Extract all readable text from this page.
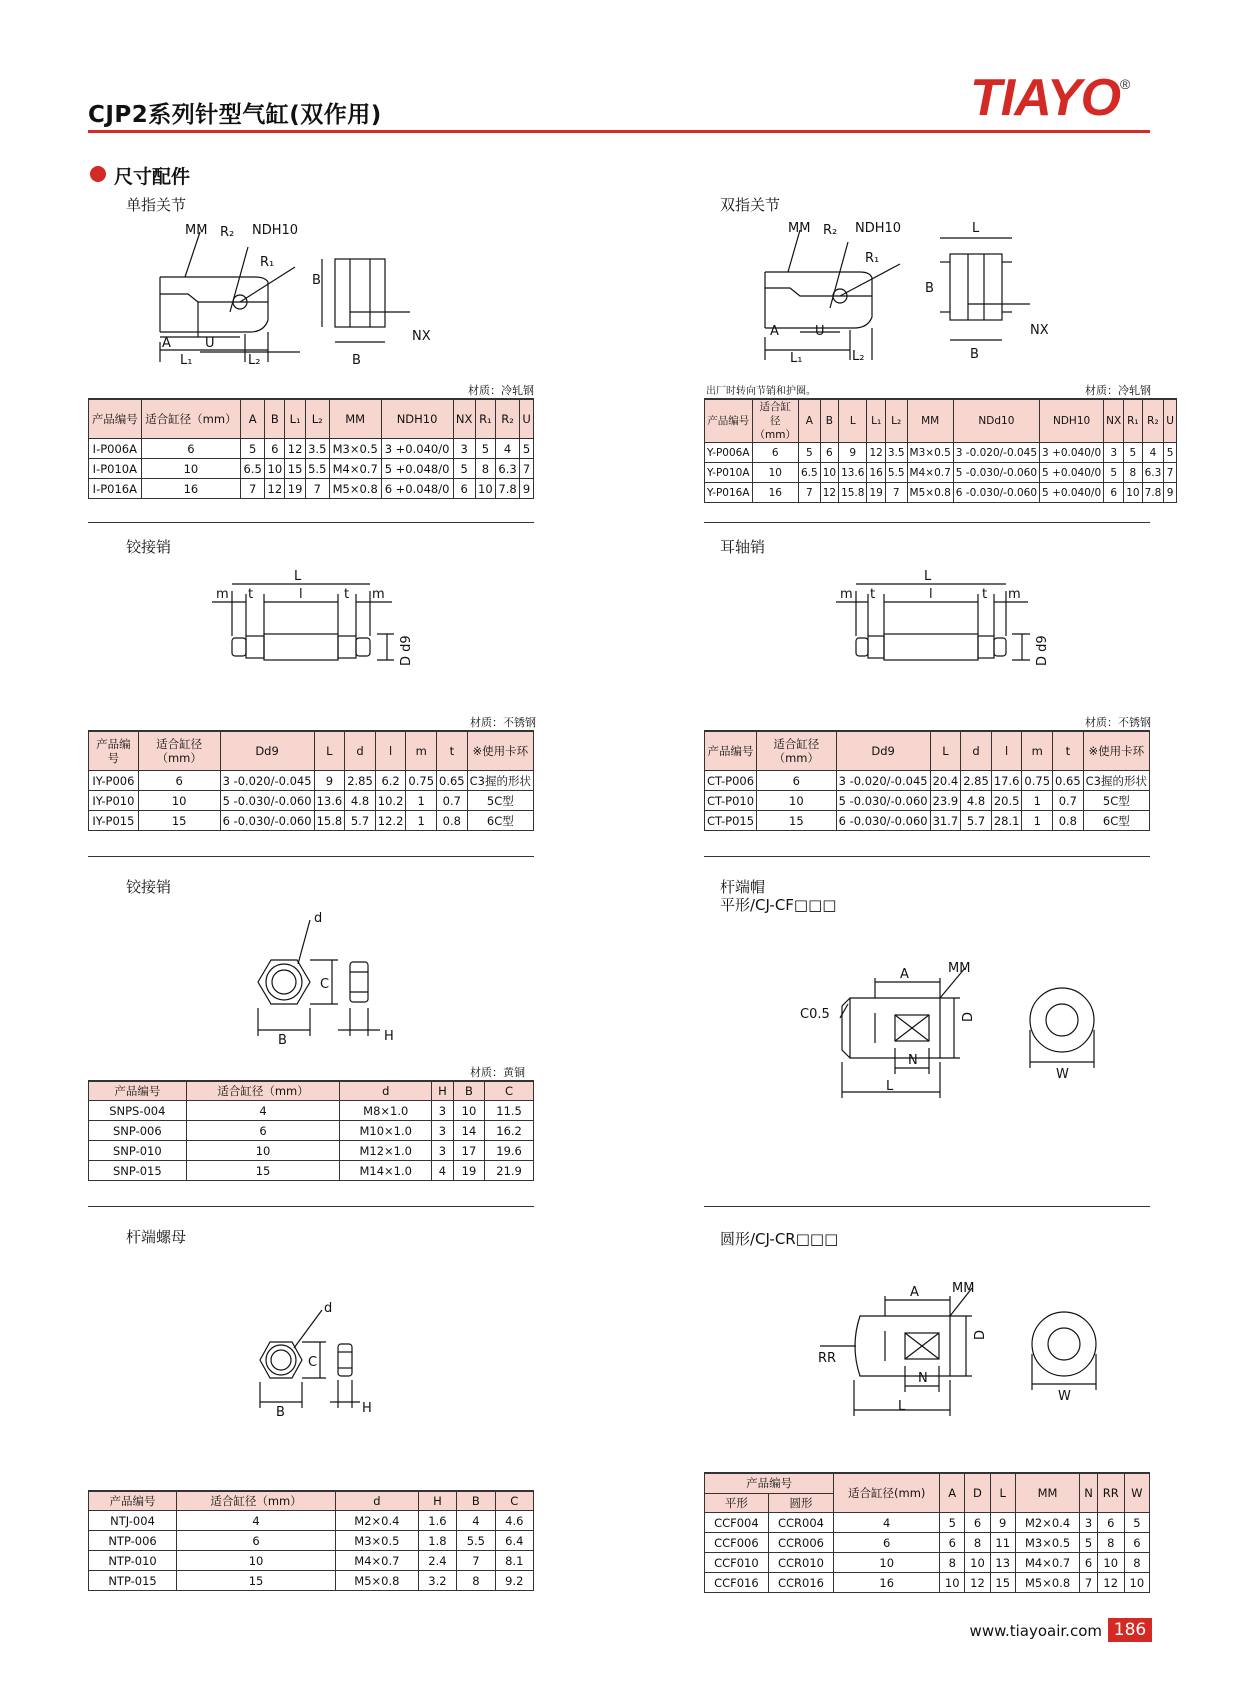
CJP2系列针型气缸(双作用)	TIAYO®
尺寸配件
单指关节
MM R₂ NDH10
R₁
B
A	U
L₁	L₂	B
NX
材质：冷轧钢
产品编号	适合缸径（mm）	A	B	L₁	L₂	MM	NDH10	NX	R₁	R₂	U
I-P006A	6	5	6	12	3.5	M3×0.5	3 +0.040/0	3	5	4	5
I-P010A	10	6.5	10	15	5.5	M4×0.7	5 +0.048/0	5	8	6.3	7
I-P016A	16	7	12	19	7	M5×0.8	6 +0.048/0	6	10	7.8	9
双指关节
MM R₂ NDH10
R₁
L
B
A	U
L₁	L₂	B
NX
出厂时转向节销和护圈。	材质：冷轧钢
产品编号	适合缸径（mm）	A	B	L	L₁	L₂	MM	NDd10	NDH10	NX	R₁	R₂	U
Y-P006A	6	5	6	9	12	3.5	M3×0.5	3 -0.020/-0.045	3 +0.040/0	3	5	4	5
Y-P010A	10	6.5	10	13.6	16	5.5	M4×0.7	5 -0.030/-0.060	5 +0.040/0	5	8	6.3	7
Y-P016A	16	7	12	15.8	19	7	M5×0.8	6 -0.030/-0.060	5 +0.040/0	6	10	7.8	9
铰接销
L
m t	l	t m
D d9
材质：不锈钢
产品编号	适合缸径（mm）	Dd9	L	d	l	m	t	※使用卡环
IY-P006	6	3 -0.020/-0.045	9	2.85	6.2	0.75	0.65	C3握的形状
IY-P010	10	5 -0.030/-0.060	13.6	4.8	10.2	1	0.7	5C型
IY-P015	15	6 -0.030/-0.060	15.8	5.7	12.2	1	0.8	6C型
耳轴销
L
m t	l	t m
D d9
材质：不锈钢
产品编号	适合缸径（mm）	Dd9	L	d	l	m	t	※使用卡环
CT-P006	6	3 -0.020/-0.045	20.4	2.85	17.6	0.75	0.65	C3握的形状
CT-P010	10	5 -0.030/-0.060	23.9	4.8	20.5	1	0.7	5C型
CT-P015	15	6 -0.030/-0.060	31.7	5.7	28.1	1	0.8	6C型
铰接销
d
C
B	H
材质：黄铜
产品编号	适合缸径（mm）	d	H	B	C
SNPS-004	4	M8×1.0	3	10	11.5
SNP-006	6	M10×1.0	3	14	16.2
SNP-010	10	M12×1.0	3	17	19.6
SNP-015	15	M14×1.0	4	19	21.9
杆端帽
平形/CJ-CF□□□
A	MM
C0.5	D
N
L
W
圆形/CJ-CR□□□
A	MM
RR
D
N
L
W
产品编号		适合缸径(mm)	A	D	L	MM	N	RR	W
平形	圆形								
CCF004	CCR004	4	5	6	9	M2×0.4	3	6	5
CCF006	CCR006	6	6	8	11	M3×0.5	5	8	6
CCF010	CCR010	10	8	10	13	M4×0.7	6	10	8
CCF016	CCR016	16	10	12	15	M5×0.8	7	12	10
杆端螺母
d
C
B	H
产品编号	适合缸径（mm）	d	H	B	C
NTJ-004	4	M2×0.4	1.6	4	4.6
NTP-006	6	M3×0.5	1.8	5.5	6.4
NTP-010	10	M4×0.7	2.4	7	8.1
NTP-015	15	M5×0.8	3.2	8	9.2
www.tiayoair.com 186
